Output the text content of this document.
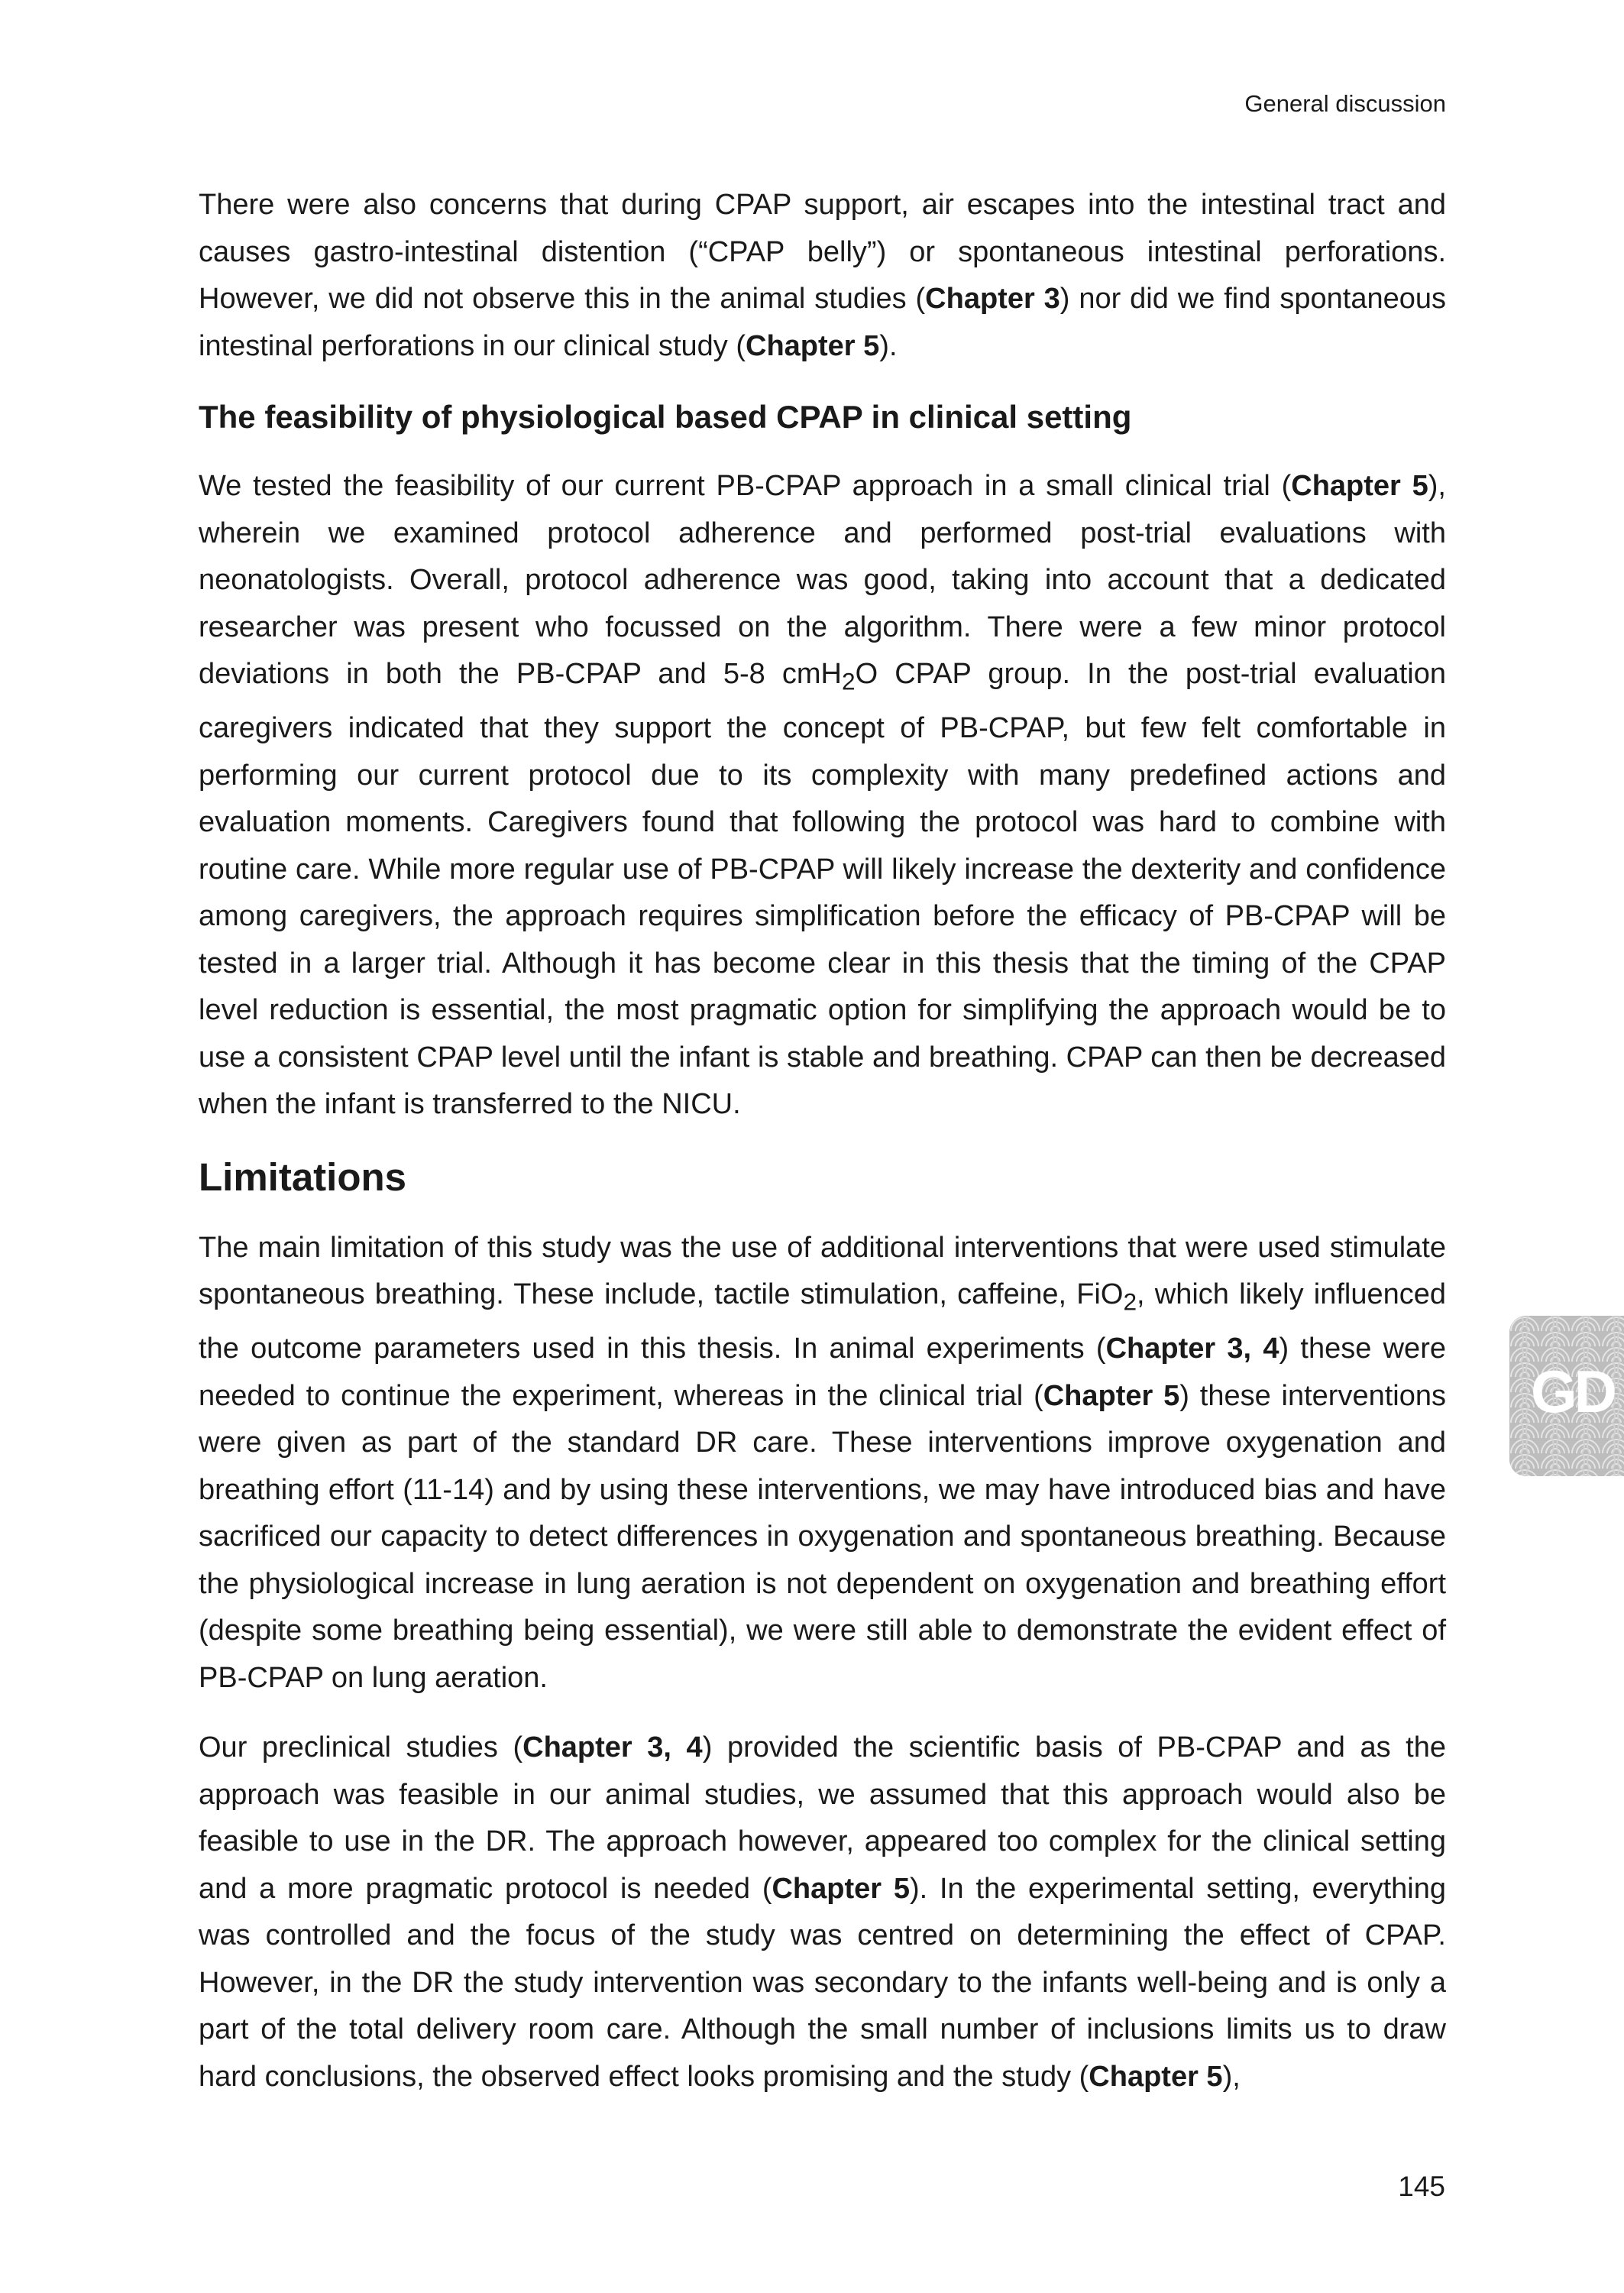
General discussion
GD

There were also concerns that during CPAP support, air escapes into the intestinal tract and causes gastro-intestinal distention (“CPAP belly”) or spontaneous intestinal perforations. However, we did not observe this in the animal studies (Chapter 3) nor did we find spontaneous intestinal perforations in our clinical study (Chapter 5).

The feasibility of physiological based CPAP in clinical setting

We tested the feasibility of our current PB-CPAP approach in a small clinical trial (Chapter 5), wherein we examined protocol adherence and performed post-trial evaluations with neonatologists. Overall, protocol adherence was good, taking into account that a dedicated researcher was present who focussed on the algorithm. There were a few minor protocol deviations in both the PB-CPAP and 5-8 cmH$_2$O CPAP group. In the post-trial evaluation caregivers indicated that they support the concept of PB-CPAP, but few felt comfortable in performing our current protocol due to its complexity with many predefined actions and evaluation moments. Caregivers found that following the protocol was hard to combine with routine care. While more regular use of PB-CPAP will likely increase the dexterity and confidence among caregivers, the approach requires simplification before the efficacy of PB-CPAP will be tested in a larger trial. Although it has become clear in this thesis that the timing of the CPAP level reduction is essential, the most pragmatic option for simplifying the approach would be to use a consistent CPAP level until the infant is stable and breathing. CPAP can then be decreased when the infant is transferred to the NICU.

Limitations

The main limitation of this study was the use of additional interventions that were used stimulate spontaneous breathing. These include, tactile stimulation, caffeine, FiO$_2$, which likely influenced the outcome parameters used in this thesis. In animal experiments (Chapter 3, 4) these were needed to continue the experiment, whereas in the clinical trial (Chapter 5) these interventions were given as part of the standard DR care. These interventions improve oxygenation and breathing effort (11-14) and by using these interventions, we may have introduced bias and have sacrificed our capacity to detect differences in oxygenation and spontaneous breathing. Because the physiological increase in lung aeration is not dependent on oxygenation and breathing effort (despite some breathing being essential), we were still able to demonstrate the evident effect of PB-CPAP on lung aeration.

Our preclinical studies (Chapter 3, 4) provided the scientific basis of PB-CPAP and as the approach was feasible in our animal studies, we assumed that this approach would also be feasible to use in the DR. The approach however, appeared too complex for the clinical setting and a more pragmatic protocol is needed (Chapter 5). In the experimental setting, everything was controlled and the focus of the study was centred on determining the effect of CPAP. However, in the DR the study intervention was secondary to the infants well-being and is only a part of the total delivery room care. Although the small number of inclusions limits us to draw hard conclusions, the observed effect looks promising and the study (Chapter 5),

145
